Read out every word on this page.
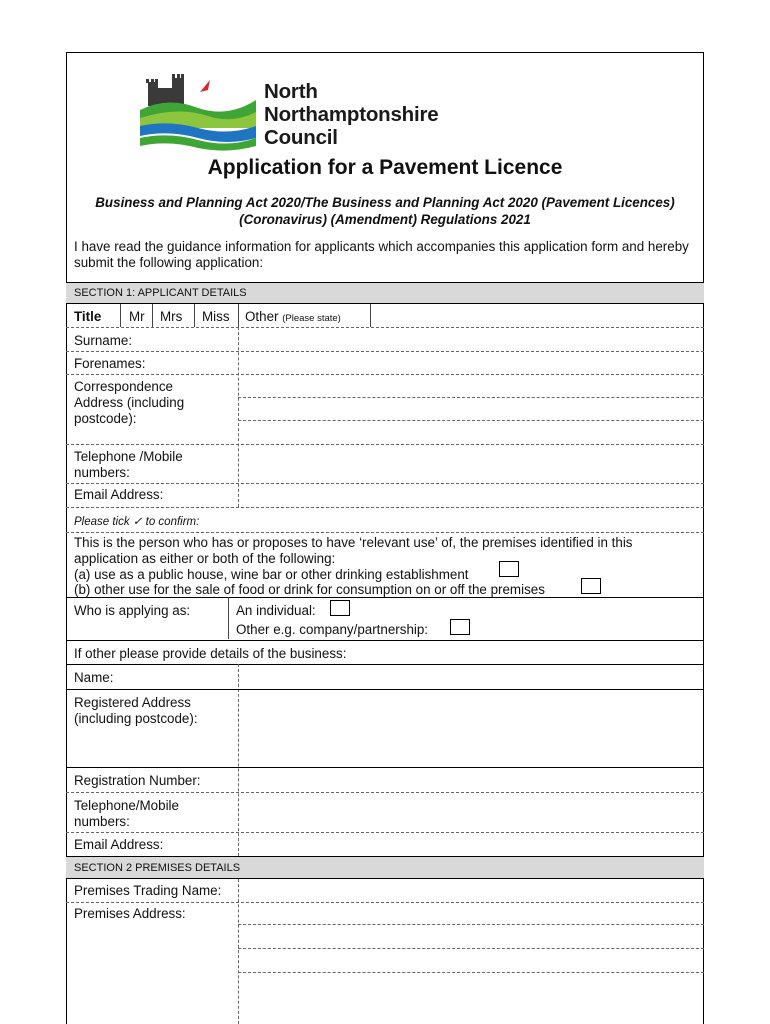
North
Northamptonshire
Council
Application for a Pavement Licence
Business and Planning Act 2020/The Business and Planning Act 2020 (Pavement Licences) (Coronavirus) (Amendment) Regulations 2021
I have read the guidance information for applicants which accompanies this application form and hereby submit the following application:
SECTION 1: APPLICANT DETAILS
Title Mr Mrs Miss Other (Please state)
Surname:
Forenames:
Correspondence Address (including postcode):
Telephone /Mobile numbers:
Email Address:
Please tick ✓ to confirm:
This is the person who has or proposes to have ‘relevant use’ of, the premises identified in this application as either or both of the following:
(a) use as a public house, wine bar or other drinking establishment
(b) other use for the sale of food or drink for consumption on or off the premises
Who is applying as:	An individual:
Other e.g. company/partnership:
If other please provide details of the business:
Name:
Registered Address (including postcode):
Registration Number:
Telephone/Mobile numbers:
Email Address:
SECTION 2 PREMISES DETAILS
Premises Trading Name:
Premises Address:
